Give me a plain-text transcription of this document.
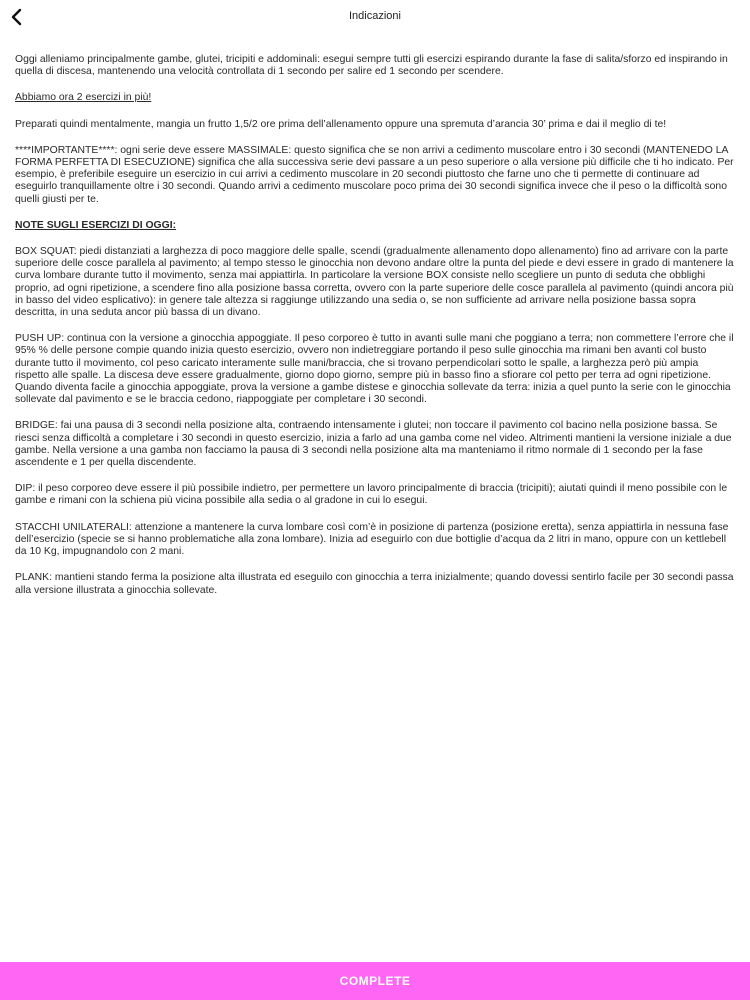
Indicazioni

Oggi alleniamo principalmente gambe, glutei, tricipiti e addominali: esegui sempre tutti gli esercizi espirando durante la fase di salita/sforzo ed inspirando in quella di discesa, mantenendo una velocità controllata di 1 secondo per salire ed 1 secondo per scendere.

Abbiamo ora 2 esercizi in più!

Preparati quindi mentalmente, mangia un frutto 1,5/2 ore prima dell’allenamento oppure una spremuta d’arancia 30’ prima e dai il meglio di te!

****IMPORTANTE****: ogni serie deve essere MASSIMALE: questo significa che se non arrivi a cedimento muscolare entro i 30 secondi (MANTENEDO LA FORMA PERFETTA DI ESECUZIONE) significa che alla successiva serie devi passare a un peso superiore o alla versione più difficile che ti ho indicato. Per esempio, è preferibile eseguire un esercizio in cui arrivi a cedimento muscolare in 20 secondi piuttosto che farne uno che ti permette di continuare ad eseguirlo tranquillamente oltre i 30 secondi. Quando arrivi a cedimento muscolare poco prima dei 30 secondi significa invece che il peso o la difficoltà sono quelli giusti per te.

NOTE SUGLI ESERCIZI DI OGGI:

BOX SQUAT: piedi distanziati a larghezza di poco maggiore delle spalle, scendi (gradualmente allenamento dopo allenamento) fino ad arrivare con la parte superiore delle cosce parallela al pavimento; al tempo stesso le ginocchia non devono andare oltre la punta del piede e devi essere in grado di mantenere la curva lombare durante tutto il movimento, senza mai appiattirla. In particolare la versione BOX consiste nello scegliere un punto di seduta che obblighi proprio, ad ogni ripetizione, a scendere fino alla posizione bassa corretta, ovvero con la parte superiore delle cosce parallela al pavimento (quindi ancora più in basso del video esplicativo): in genere tale altezza si raggiunge utilizzando una sedia o, se non sufficiente ad arrivare nella posizione bassa sopra descritta, in una seduta ancor più bassa di un divano.

PUSH UP: continua con la versione a ginocchia appoggiate. Il peso corporeo è tutto in avanti sulle mani che poggiano a terra; non commettere l’errore che il 95% % delle persone compie quando inizia questo esercizio, ovvero non indietreggiare portando il peso sulle ginocchia ma rimani ben avanti col busto durante tutto il movimento, col peso caricato interamente sulle mani/braccia, che si trovano perpendicolari sotto le spalle, a larghezza però più ampia rispetto alle spalle. La discesa deve essere gradualmente, giorno dopo giorno, sempre più in basso fino a sfiorare col petto per terra ad ogni ripetizione. Quando diventa facile a ginocchia appoggiate, prova la versione a gambe distese e ginocchia sollevate da terra: inizia a quel punto la serie con le ginocchia sollevate dal pavimento e se le braccia cedono, riappoggiate per completare i 30 secondi.

BRIDGE: fai una pausa di 3 secondi nella posizione alta, contraendo intensamente i glutei; non toccare il pavimento col bacino nella posizione bassa. Se riesci senza difficoltà a completare i 30 secondi in questo esercizio, inizia a farlo ad una gamba come nel video. Altrimenti mantieni la versione iniziale a due gambe. Nella versione a una gamba non facciamo la pausa di 3 secondi nella posizione alta ma manteniamo il ritmo normale di 1 secondo per la fase ascendente e 1 per quella discendente.

DIP: il peso corporeo deve essere il più possibile indietro, per permettere un lavoro principalmente di braccia (tricipiti); aiutati quindi il meno possibile con le gambe e rimani con la schiena più vicina possibile alla sedia o al gradone in cui lo esegui.

STACCHI UNILATERALI: attenzione a mantenere la curva lombare così com’è in posizione di partenza (posizione eretta), senza appiattirla in nessuna fase dell’esercizio (specie se si hanno problematiche alla zona lombare). Inizia ad eseguirlo con due bottiglie d’acqua da 2 litri in mano, oppure con un kettlebell da 10 Kg, impugnandolo con 2 mani.

PLANK: mantieni stando ferma la posizione alta illustrata ed eseguilo con ginocchia a terra inizialmente; quando dovessi sentirlo facile per 30 secondi passa alla versione illustrata a ginocchia sollevate.

COMPLETE
